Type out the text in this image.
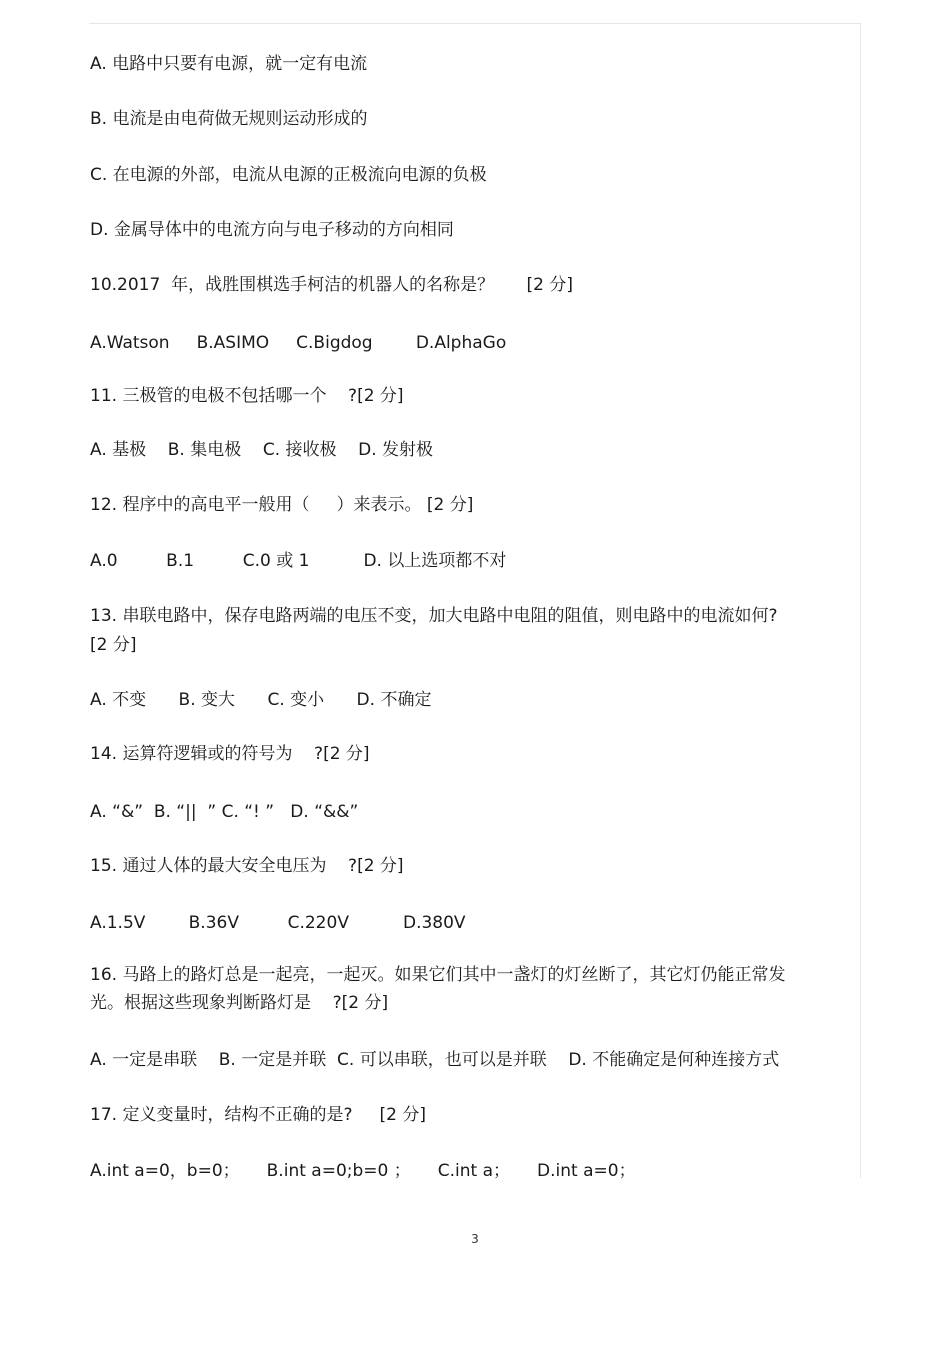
A. 电路中只要有电源，就一定有电流

B. 电流是由电荷做无规则运动形成的

C. 在电源的外部，电流从电源的正极流向电源的负极

D. 金属导体中的电流方向与电子移动的方向相同

10.2017  年，战胜围棋选手柯洁的机器人的名称是？      [2 分]

A.Watson     B.ASIMO     C.Bigdog        D.AlphaGo

11. 三极管的电极不包括哪一个    ?[2 分]

A. 基极    B. 集电极    C. 接收极    D. 发射极

12. 程序中的高电平一般用（     ）来表示。 [2 分]

A.0         B.1         C.0 或 1          D. 以上选项都不对

13. 串联电路中，保存电路两端的电压不变，加大电路中电阻的阻值，则电路中的电流如何?

[2 分]

A. 不变      B. 变大      C. 变小      D. 不确定

14. 运算符逻辑或的符号为    ?[2 分]

A. “&”  B. “||  ” C. “! ”   D. “&&”

15. 通过人体的最大安全电压为    ?[2 分]

A.1.5V        B.36V         C.220V          D.380V

16. 马路上的路灯总是一起亮，一起灭。如果它们其中一盏灯的灯丝断了，其它灯仍能正常发

光。根据这些现象判断路灯是    ?[2 分]

A. 一定是串联    B. 一定是并联  C. 可以串联，也可以是并联    D. 不能确定是何种连接方式

17. 定义变量时，结构不正确的是?     [2 分]

A.int a=0，b=0；     B.int a=0;b=0 ；     C.int a；     D.int a=0；

3
